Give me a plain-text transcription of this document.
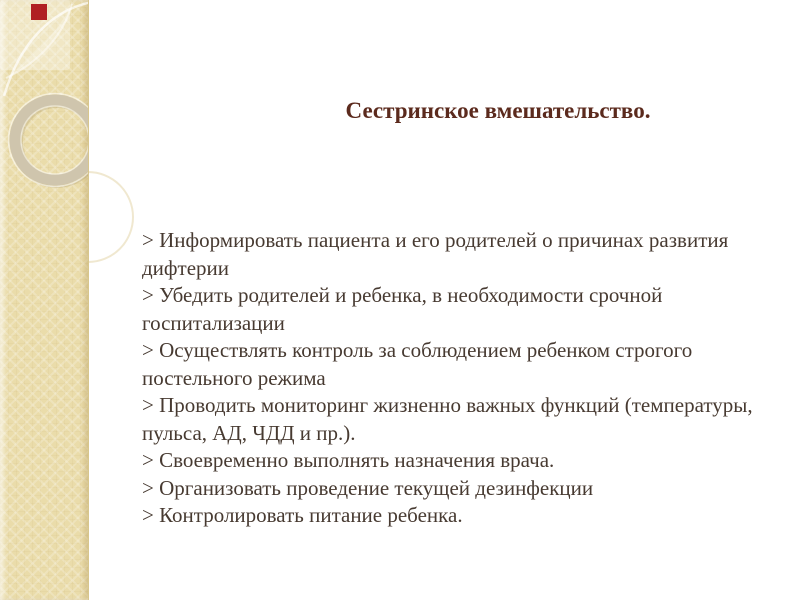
Сестринское вмешательство.
> Информировать пациента и его родителей о причинах развития дифтерии
> Убедить родителей и ребенка, в необходимости срочной госпитализации
> Осуществлять контроль за соблюдением ребенком строгого постельного режима
> Проводить мониторинг жизненно важных функций (температуры, пульса, АД, ЧДД и пр.).
> Своевременно выполнять назначения врача.
> Организовать проведение текущей дезинфекции
> Контролировать питание ребенка.
